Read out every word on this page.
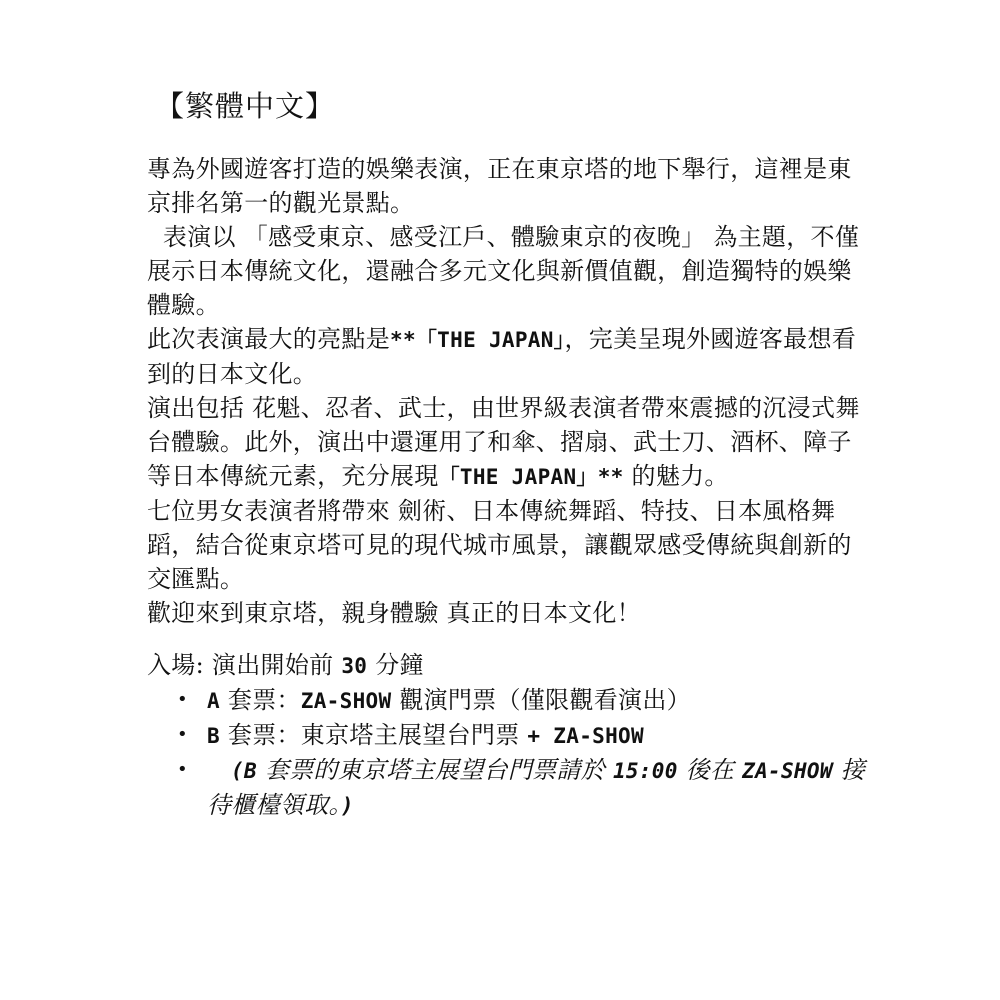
【繁體中文】

專為外國遊客打造的娛樂表演，正在東京塔的地下舉行，這裡是東京排名第一的觀光景點。

表演以 「感受東京、感受江戶、體驗東京的夜晚」 為主題，不僅展示日本傳統文化，還融合多元文化與新價值觀，創造獨特的娛樂體驗。

此次表演最大的亮點是**「THE JAPAN」，完美呈現外國遊客最想看到的日本文化。

演出包括 花魁、忍者、武士，由世界級表演者帶來震撼的沉浸式舞台體驗。此外，演出中還運用了和傘、摺扇、武士刀、酒杯、障子等日本傳統元素，充分展現「THE JAPAN」** 的魅力。

七位男女表演者將帶來 劍術、日本傳統舞蹈、特技、日本風格舞蹈，結合從東京塔可見的現代城市風景，讓觀眾感受傳統與創新的交匯點。

歡迎來到東京塔，親身體驗 真正的日本文化！

入場: 演出開始前 30 分鐘

• A 套票：ZA-SHOW 觀演門票（僅限觀看演出）
• B 套票：東京塔主展望台門票 + ZA-SHOW
• (B 套票的東京塔主展望台門票請於 15:00 後在 ZA-SHOW 接待櫃檯領取。)
